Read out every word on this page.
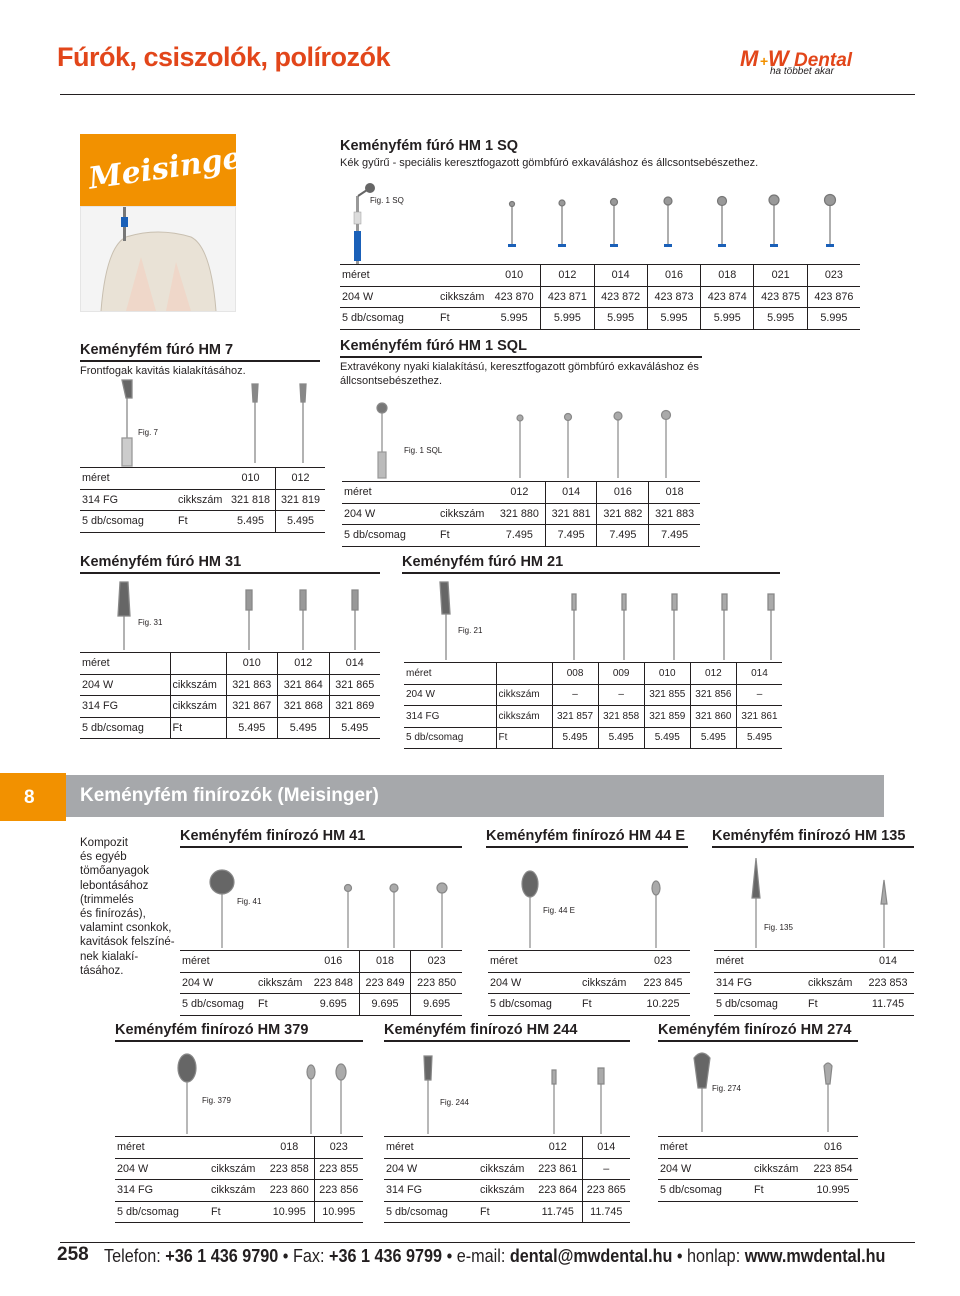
Fúrók, csiszolók, polírozók	M + W Dental
ha többet akar
Meisinger	Keményfém fúró HM 1 SQ
Kék gyűrű - speciális keresztfogazott gömbfúró exkaváláshoz és állcsontsebészethez.
Fig. 1 SQ
méret		010	012	014	016	018	021	023
204 W	cikkszám	423 870	423 871	423 872	423 873	423 874	423 875	423 876
5 db/csomag	Ft	5.995	5.995	5.995	5.995	5.995	5.995	5.995
Keményfém fúró HM 7
Frontfogak kavitás kialakításához.
Fig. 7
méret		010	012
314 FG	cikkszám	321 818	321 819
5 db/csomag	Ft	5.495	5.495
Keményfém fúró HM 1 SQL
Extravékony nyaki kialakítású, keresztfogazott gömbfúró exkaváláshoz és állcsontsebészethez.
Fig. 1 SQL
méret		012	014	016	018
204 W	cikkszám	321 880	321 881	321 882	321 883
5 db/csomag	Ft	7.495	7.495	7.495	7.495
Keményfém fúró HM 31
Fig. 31
méret		010	012	014
204 W	cikkszám	321 863	321 864	321 865
314 FG	cikkszám	321 867	321 868	321 869
5 db/csomag	Ft	5.495	5.495	5.495
Keményfém fúró HM 21
Fig. 21
méret		008	009	010	012	014
204 W	cikkszám	–	–	321 855	321 856	–
314 FG	cikkszám	321 857	321 858	321 859	321 860	321 861
5 db/csomag	Ft	5.495	5.495	5.495	5.495	5.495
8 Keményfém finírozók (Meisinger)
Kompozit
és egyéb
tömőanyagok
lebontásához
(trimmelés
és finírozás),
valamint csonkok,
kavitások felszíné-
nek kialakí-
tásához.
Keményfém finírozó HM 41
Fig. 41
méret		016	018	023
204 W	cikkszám	223 848	223 849	223 850
5 db/csomag	Ft	9.695	9.695	9.695
Keményfém finírozó HM 44 E
Fig. 44 E
méret		023
204 W	cikkszám	223 845
5 db/csomag	Ft	10.225
Keményfém finírozó HM 135
Fig. 135
méret		014
314 FG	cikkszám	223 853
5 db/csomag	Ft	11.745
Keményfém finírozó HM 379
Fig. 379
méret		018	023
204 W	cikkszám	223 858	223 855
314 FG	cikkszám	223 860	223 856
5 db/csomag	Ft	10.995	10.995
Keményfém finírozó HM 244
Fig. 244
méret		012	014
204 W	cikkszám	223 861	–
314 FG	cikkszám	223 864	223 865
5 db/csomag	Ft	11.745	11.745
Keményfém finírozó HM 274
Fig. 274
méret		016
204 W	cikkszám	223 854
5 db/csomag	Ft	10.995
258 Telefon: +36 1 436 9790 • Fax: +36 1 436 9799 • e-mail: dental@mwdental.hu • honlap: www.mwdental.hu
